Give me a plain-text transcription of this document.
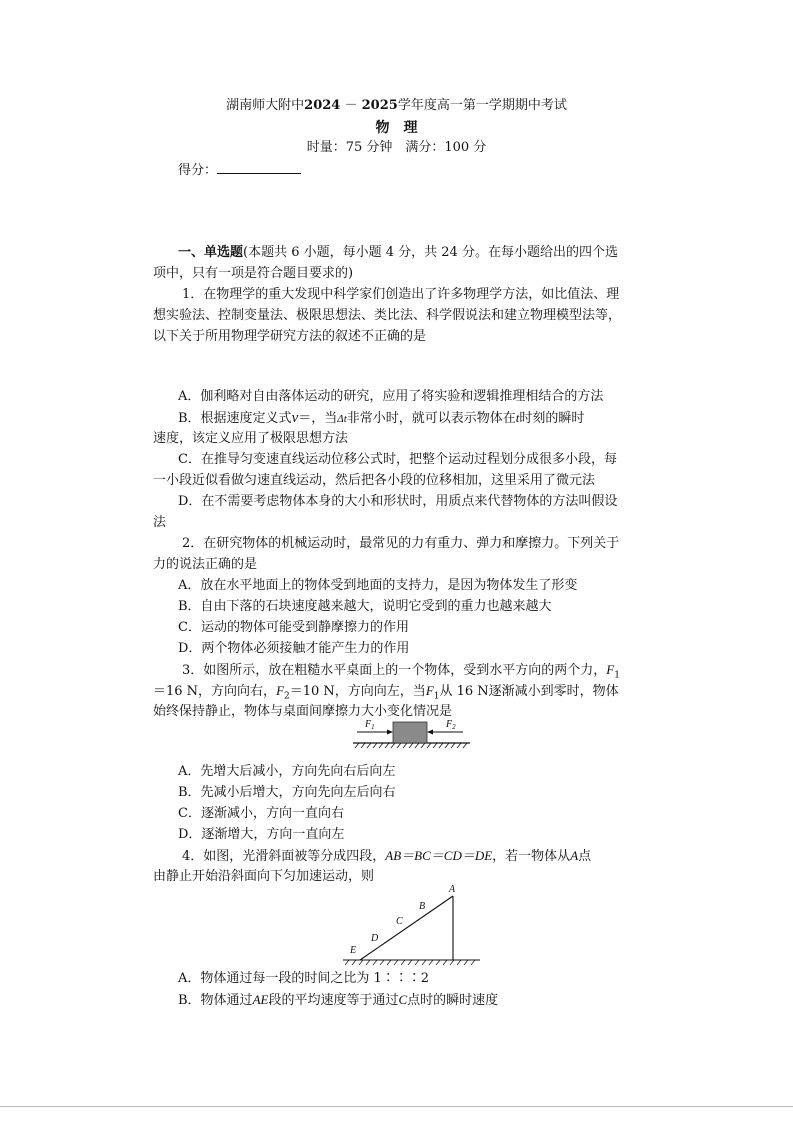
湖南师大附中2024 － 2025学年度高一第一学期期中考试
物　理
时量：75 分钟　满分：100 分
得分：
一、单选题(本题共 6 小题，每小题 4 分，共 24 分。在每小题给出的四个选
项中，只有一项是符合题目要求的)
1．在物理学的重大发现中科学家们创造出了许多物理学方法，如比值法、理
想实验法、控制变量法、极限思想法、类比法、科学假说法和建立物理模型法等，
以下关于所用物理学研究方法的叙述不正确的是
A．伽利略对自由落体运动的研究，应用了将实验和逻辑推理相结合的方法
B．根据速度定义式v＝，当Δt非常小时，就可以表示物体在t时刻的瞬时
速度，该定义应用了极限思想方法
C．在推导匀变速直线运动位移公式时，把整个运动过程划分成很多小段，每
一小段近似看做匀速直线运动，然后把各小段的位移相加，这里采用了微元法
D．在不需要考虑物体本身的大小和形状时，用质点来代替物体的方法叫假设
法
2．在研究物体的机械运动时，最常见的力有重力、弹力和摩擦力。下列关于
力的说法正确的是
A．放在水平地面上的物体受到地面的支持力，是因为物体发生了形变
B．自由下落的石块速度越来越大，说明它受到的重力也越来越大
C．运动的物体可能受到静摩擦力的作用
D．两个物体必须接触才能产生力的作用
3．如图所示，放在粗糙水平桌面上的一个物体，受到水平方向的两个力，$F_1$
＝16 N，方向向右，$F_2=10$ N，方向向左，当$F_1$从 16 N逐渐减小到零时，物体
始终保持静止，物体与桌面间摩擦力大小变化情况是
$F_1$	$F_2$
A．先增大后减小，方向先向右后向左
B．先减小后增大，方向先向左后向右
C．逐渐减小，方向一直向右
D．逐渐增大，方向一直向左
4．如图，光滑斜面被等分成四段，AB＝BC＝CD＝DE，若一物体从A点
由静止开始沿斜面向下匀加速运动，则
A
B
C
D
E
A．物体通过每一段的时间之比为 1∶∶∶2
B．物体通过AE段的平均速度等于通过C点时的瞬时速度
